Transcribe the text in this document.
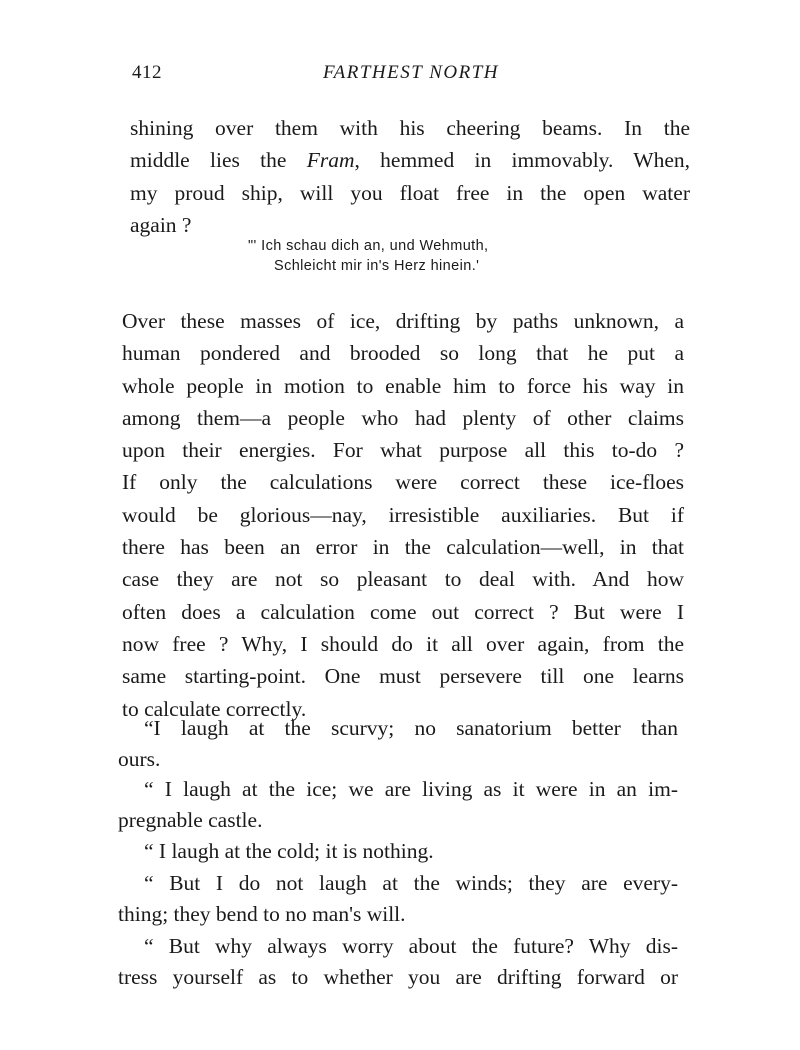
412	FARTHEST NORTH
shining over them with his cheering beams. In the
middle lies the Fram, hemmed in immovably. When,
my proud ship, will you float free in the open water
again ?
"' Ich schau dich an, und Wehmuth,
Schleicht mir in's Herz hinein.'
Over these masses of ice, drifting by paths unknown, a
human pondered and brooded so long that he put a
whole people in motion to enable him to force his way in
among them—a people who had plenty of other claims
upon their energies. For what purpose all this to-do ?
If only the calculations were correct these ice-floes
would be glorious—nay, irresistible auxiliaries. But if
there has been an error in the calculation—well, in that
case they are not so pleasant to deal with. And how
often does a calculation come out correct ? But were I
now free ? Why, I should do it all over again, from the
same starting-point. One must persevere till one learns
to calculate correctly.
“I laugh at the scurvy; no sanatorium better than
ours.
“ I laugh at the ice; we are living as it were in an im-
pregnable castle.
“ I laugh at the cold; it is nothing.
“ But I do not laugh at the winds; they are every-
thing; they bend to no man's will.
“ But why always worry about the future? Why dis-
tress yourself as to whether you are drifting forward or
